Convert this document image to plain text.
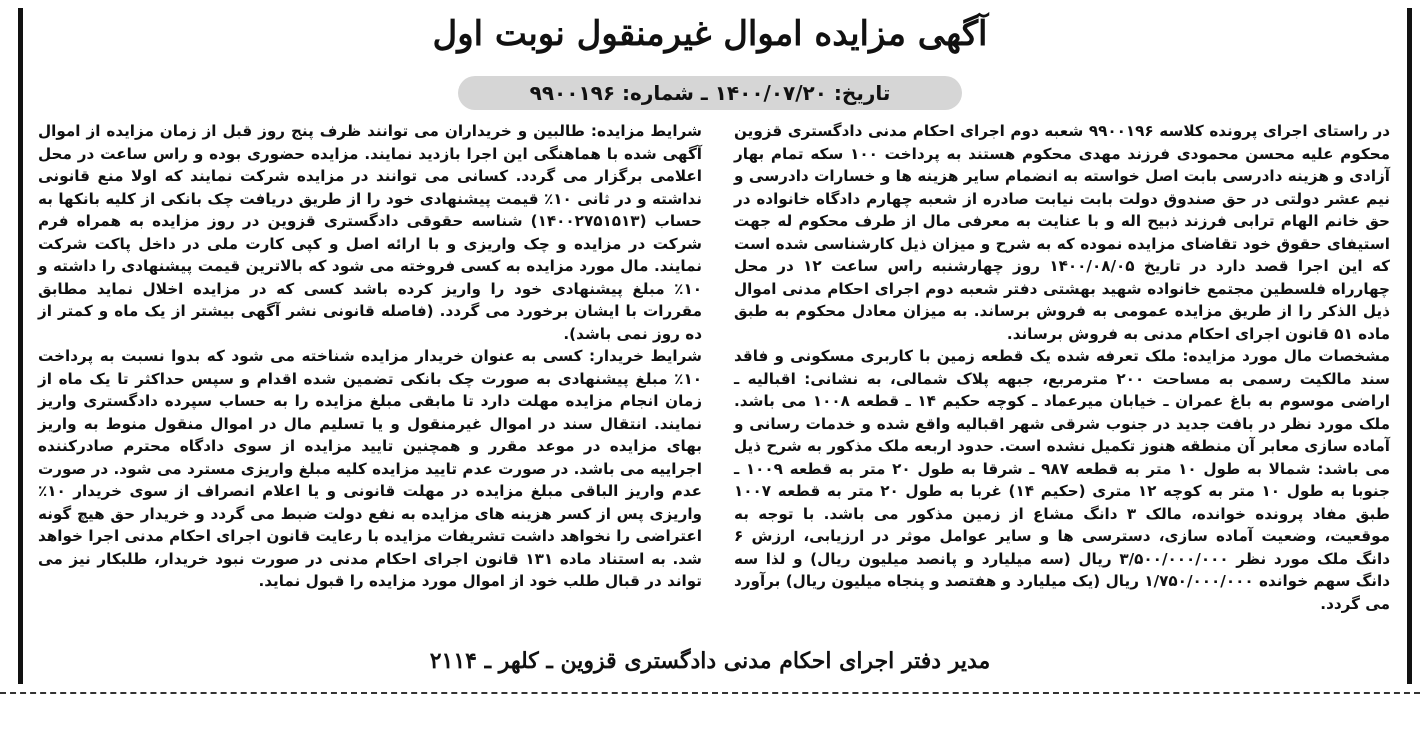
آگهی مزایده اموال غیرمنقول نوبت اول
تاریخ: ۱۴۰۰/۰۷/۲۰ ـ شماره: ۹۹۰۰۱۹۶

در راستای اجرای پرونده کلاسه ۹۹۰۰۱۹۶ شعبه دوم اجرای احکام مدنی دادگستری قزوین محکوم علیه محسن محمودی فرزند مهدی محکوم هستند به پرداخت ۱۰۰ سکه تمام بهار آزادی و هزینه دادرسی بابت اصل خواسته به انضمام سایر هزینه ها و خسارات دادرسی و نیم عشر دولتی در حق صندوق دولت بابت نیابت صادره از شعبه چهارم دادگاه خانواده در حق خانم الهام ترابی فرزند ذبیح اله و با عنایت به معرفی مال از طرف محکوم له جهت استیفای حقوق خود تقاضای مزایده نموده که به شرح و میزان ذیل کارشناسی شده است که این اجرا قصد دارد در تاریخ ۱۴۰۰/۰۸/۰۵ روز چهارشنبه راس ساعت ۱۲ در محل چهارراه فلسطین مجتمع خانواده شهید بهشتی دفتر شعبه دوم اجرای احکام مدنی اموال ذیل الذکر را از طریق مزایده عمومی به فروش برساند. به میزان معادل محکوم به طبق ماده ۵۱ قانون اجرای احکام مدنی به فروش برساند.

مشخصات مال مورد مزایده: ملک تعرفه شده یک قطعه زمین با کاربری مسکونی و فاقد سند مالکیت رسمی به مساحت ۲۰۰ مترمربع، جبهه پلاک شمالی، به نشانی: اقبالیه ـ اراضی موسوم به باغ عمران ـ خیابان میرعماد ـ کوچه حکیم ۱۴ ـ قطعه ۱۰۰۸ می باشد. ملک مورد نظر در بافت جدید در جنوب شرقی شهر اقبالیه واقع شده و خدمات رسانی و آماده سازی معابر آن منطقه هنوز تکمیل نشده است. حدود اربعه ملک مذکور به شرح ذیل می باشد: شمالا به طول ۱۰ متر به قطعه ۹۸۷ ـ شرقا به طول ۲۰ متر به قطعه ۱۰۰۹ ـ جنوبا به طول ۱۰ متر به کوچه ۱۲ متری (حکیم ۱۴) غربا به طول ۲۰ متر به قطعه ۱۰۰۷ طبق مفاد پرونده خوانده، مالک ۳ دانگ مشاع از زمین مذکور می باشد. با توجه به موقعیت، وضعیت آماده سازی، دسترسی ها و سایر عوامل موثر در ارزیابی، ارزش ۶ دانگ ملک مورد نظر ۳/۵۰۰/۰۰۰/۰۰۰ ریال (سه میلیارد و پانصد میلیون ریال) و لذا سه دانگ سهم خوانده ۱/۷۵۰/۰۰۰/۰۰۰ ریال (یک میلیارد و هفتصد و پنجاه میلیون ریال) برآورد می گردد.

شرایط مزایده: طالبین و خریداران می توانند ظرف پنج روز قبل از زمان مزایده از اموال آگهی شده با هماهنگی این اجرا بازدید نمایند. مزایده حضوری بوده و راس ساعت در محل اعلامی برگزار می گردد. کسانی می توانند در مزایده شرکت نمایند که اولا منع قانونی نداشته و در ثانی ۱۰٪ قیمت پیشنهادی خود را از طریق دریافت چک بانکی از کلیه بانکها به حساب (۱۴۰۰۲۷۵۱۵۱۳) شناسه حقوقی دادگستری قزوین در روز مزایده به همراه فرم شرکت در مزایده و چک واریزی و با ارائه اصل و کپی کارت ملی در داخل پاکت شرکت نمایند. مال مورد مزایده به کسی فروخته می شود که بالاترین قیمت پیشنهادی را داشته و ۱۰٪ مبلغ پیشنهادی خود را واریز کرده باشد کسی که در مزایده اخلال نماید مطابق مقررات با ایشان برخورد می گردد. (فاصله قانونی نشر آگهی بیشتر از یک ماه و کمتر از ده روز نمی باشد).

شرایط خریدار: کسی به عنوان خریدار مزایده شناخته می شود که بدوا نسبت به پرداخت ۱۰٪ مبلغ پیشنهادی به صورت چک بانکی تضمین شده اقدام و سپس حداکثر تا یک ماه از زمان انجام مزایده مهلت دارد تا مابقی مبلغ مزایده را به حساب سپرده دادگستری واریز نمایند. انتقال سند در اموال غیرمنقول و یا تسلیم مال در اموال منقول منوط به واریز بهای مزایده در موعد مقرر و همچنین تایید مزایده از سوی دادگاه محترم صادرکننده اجراییه می باشد. در صورت عدم تایید مزایده کلیه مبلغ واریزی مسترد می شود. در صورت عدم واریز الباقی مبلغ مزایده در مهلت قانونی و یا اعلام انصراف از سوی خریدار ۱۰٪ واریزی پس از کسر هزینه های مزایده به نفع دولت ضبط می گردد و خریدار حق هیچ گونه اعتراضی را نخواهد داشت تشریفات مزایده با رعایت قانون اجرای احکام مدنی اجرا خواهد شد. به استناد ماده ۱۳۱ قانون اجرای احکام مدنی در صورت نبود خریدار، طلبکار نیز می تواند در قبال طلب خود از اموال مورد مزایده را قبول نماید.

مدیر دفتر اجرای احکام مدنی دادگستری قزوین ـ کلهر ـ ۲۱۱۴
